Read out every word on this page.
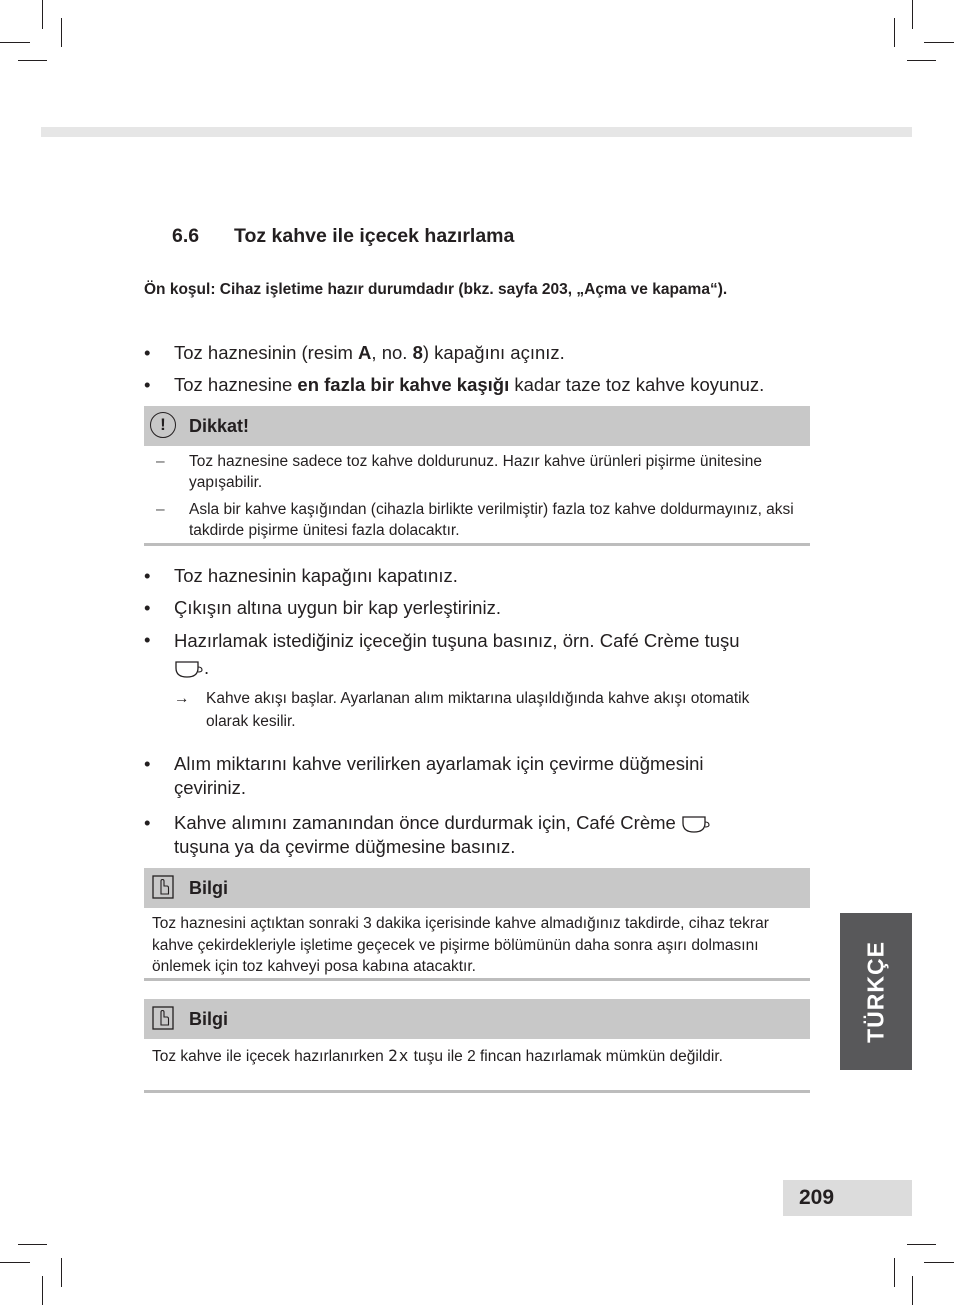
6.6 Toz kahve ile içecek hazırlama
Ön koşul: Cihaz işletime hazır durumdadır (bkz. sayfa 203, „Açma ve kapama“).
• Toz haznesinin (resim A, no. 8) kapağını açınız.
• Toz haznesine en fazla bir kahve kaşığı kadar taze toz kahve koyunuz.
!	Dikkat!
– Toz haznesine sadece toz kahve doldurunuz. Hazır kahve ürünleri pişirme ünitesine yapışabilir.
– Asla bir kahve kaşığından (cihazla birlikte verilmiştir) fazla toz kahve doldurmayınız, aksi takdirde pişirme ünitesi fazla dolacaktır.
• Toz haznesinin kapağını kapatınız.
• Çıkışın altına uygun bir kap yerleştiriniz.
• Hazırlamak istediğiniz içeceğin tuşuna basınız, örn. Café Crème tuşu
.
→ Kahve akışı başlar. Ayarlanan alım miktarına ulaşıldığında kahve akışı otomatik olarak kesilir.
• Alım miktarını kahve verilirken ayarlamak için çevirme düğmesini çeviriniz.
• Kahve alımını zamanından önce durdurmak için, Café Crème
tuşuna ya da çevirme düğmesine basınız.
Bilgi
Toz haznesini açtıktan sonraki 3 dakika içerisinde kahve almadığınız takdirde, cihaz tekrar kahve çekirdekleriyle işletime geçecek ve pişirme bölümünün daha sonra aşırı dolmasını önlemek için toz kahveyi posa kabına atacaktır.
Bilgi
Toz kahve ile içecek hazırlanırken 2x tuşu ile 2 fincan hazırlamak mümkün değildir.
TÜRKÇE
209
